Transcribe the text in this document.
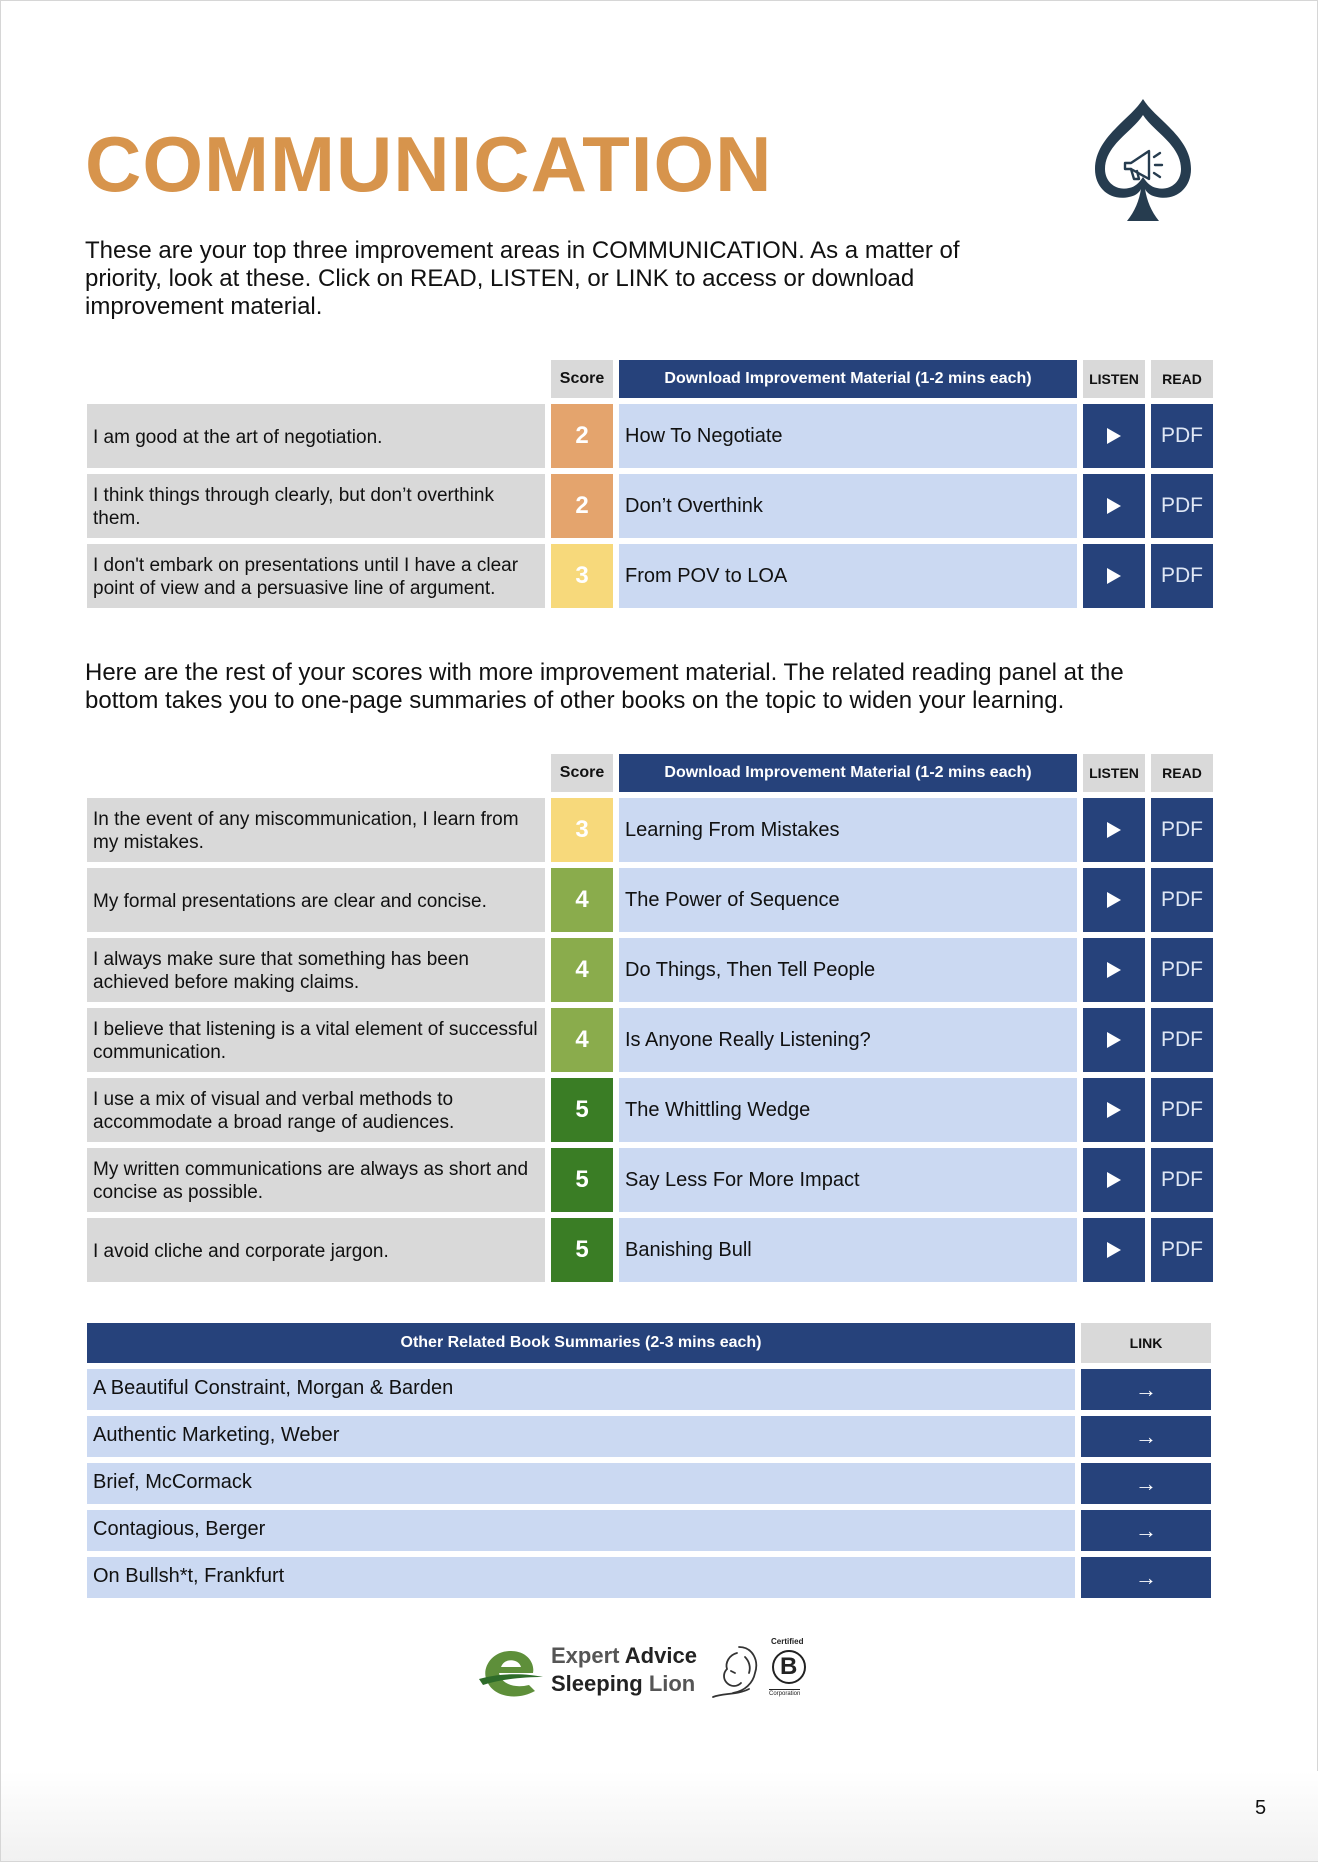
COMMUNICATION
These are your top three improvement areas in COMMUNICATION. As a matter of priority, look at these. Click on READ, LISTEN, or LINK to access or download improvement material.
	Score	Download Improvement Material (1-2 mins each)	LISTEN	READ

I am good at the art of negotiation.	2	How To Negotiate		PDF

I think things through clearly, but don’t overthink them.	2	Don’t Overthink		PDF

I don't embark on presentations until I have a clear point of view and a persuasive line of argument.	3	From POV to LOA		PDF
Here are the rest of your scores with more improvement material. The related reading panel at the bottom takes you to one-page summaries of other books on the topic to widen your learning.
	Score	Download Improvement Material (1-2 mins each)	LISTEN	READ

In the event of any miscommunication, I learn from my mistakes.	3	Learning From Mistakes		PDF

My formal presentations are clear and concise.	4	The Power of Sequence		PDF

I always make sure that something has been achieved before making claims.	4	Do Things, Then Tell People		PDF

I believe that listening is a vital element of successful communication.	4	Is Anyone Really Listening?		PDF

I use a mix of visual and verbal methods to accommodate a broad range of audiences.	5	The Whittling Wedge		PDF

My written communications are always as short and concise as possible.	5	Say Less For More Impact		PDF

I avoid cliche and corporate jargon.	5	Banishing Bull		PDF
Other Related Book Summaries (2-3 mins each)	LINK
A Beautiful Constraint, Morgan & Barden	→
Authentic Marketing, Weber	→
Brief, McCormack	→
Contagious, Berger	→
On Bullsh*t, Frankfurt	→
Expert Advice
Sleeping Lion
Certified
B
Corporation
5
